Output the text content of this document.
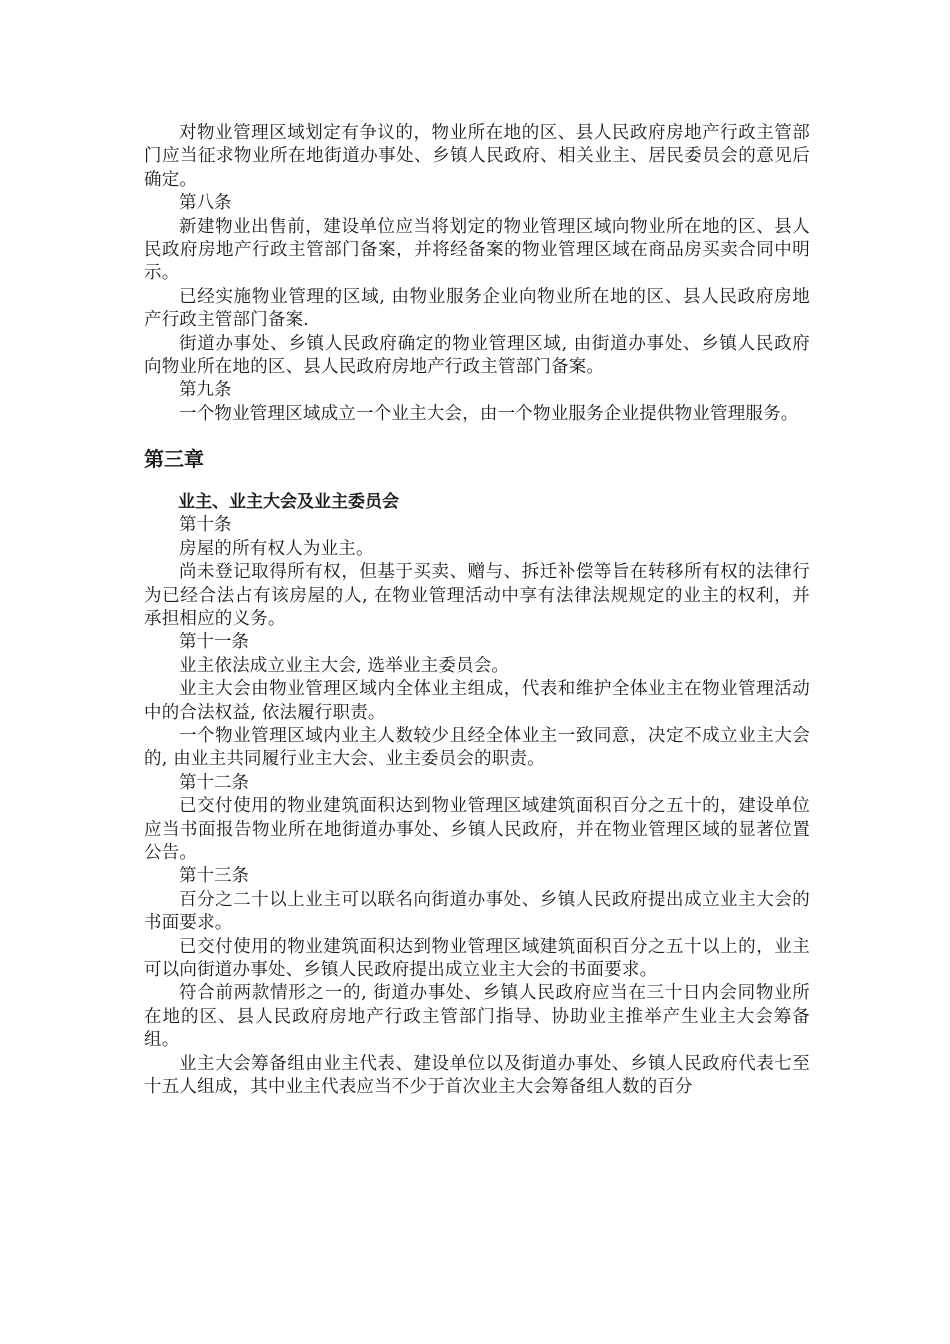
对物业管理区域划定有争议的，物业所在地的区、县人民政府房地产行政主管部门应当征求物业所在地街道办事处、乡镇人民政府、相关业主、居民委员会的意见后确定。

第八条

新建物业出售前，建设单位应当将划定的物业管理区域向物业所在地的区、县人民政府房地产行政主管部门备案，并将经备案的物业管理区域在商品房买卖合同中明示。

已经实施物业管理的区域, 由物业服务企业向物业所在地的区、县人民政府房地产行政主管部门备案.

街道办事处、乡镇人民政府确定的物业管理区域, 由街道办事处、乡镇人民政府向物业所在地的区、县人民政府房地产行政主管部门备案。

第九条

一个物业管理区域成立一个业主大会，由一个物业服务企业提供物业管理服务。

第三章

业主、业主大会及业主委员会

第十条

房屋的所有权人为业主。

尚未登记取得所有权，但基于买卖、赠与、拆迁补偿等旨在转移所有权的法律行为已经合法占有该房屋的人, 在物业管理活动中享有法律法规规定的业主的权利，并承担相应的义务。

第十一条

业主依法成立业主大会, 选举业主委员会。

业主大会由物业管理区域内全体业主组成，代表和维护全体业主在物业管理活动中的合法权益, 依法履行职责。

一个物业管理区域内业主人数较少且经全体业主一致同意，决定不成立业主大会的, 由业主共同履行业主大会、业主委员会的职责。

第十二条

已交付使用的物业建筑面积达到物业管理区域建筑面积百分之五十的，建设单位应当书面报告物业所在地街道办事处、乡镇人民政府，并在物业管理区域的显著位置公告。

第十三条

百分之二十以上业主可以联名向街道办事处、乡镇人民政府提出成立业主大会的书面要求。

已交付使用的物业建筑面积达到物业管理区域建筑面积百分之五十以上的，业主可以向街道办事处、乡镇人民政府提出成立业主大会的书面要求。

符合前两款情形之一的, 街道办事处、乡镇人民政府应当在三十日内会同物业所在地的区、县人民政府房地产行政主管部门指导、协助业主推举产生业主大会筹备组。

业主大会筹备组由业主代表、建设单位以及街道办事处、乡镇人民政府代表七至十五人组成，其中业主代表应当不少于首次业主大会筹备组人数的百分
